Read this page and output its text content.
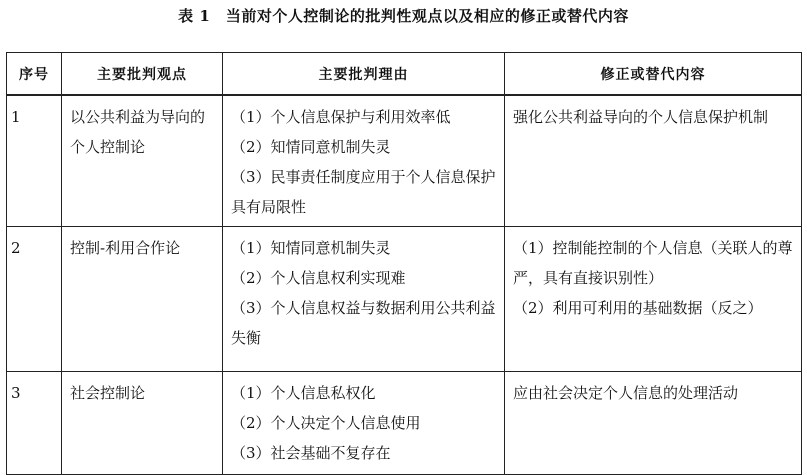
表 1　当前对个人控制论的批判性观点以及相应的修正或替代内容
序号	主要批判观点	主要批判理由	修正或替代内容
1	以公共利益为导向的个人控制论	（1）个人信息保护与利用效率低
（2）知情同意机制失灵
（3）民事责任制度应用于个人信息保护具有局限性	强化公共利益导向的个人信息保护机制

2	控制-利用合作论	（1）知情同意机制失灵
（2）个人信息权利实现难
（3）个人信息权益与数据利用公共利益失衡	（1）控制能控制的个人信息（关联人的尊严，具有直接识别性）
（2）利用可利用的基础数据（反之）

3	社会控制论	（1）个人信息私权化
（2）个人决定个人信息使用
（3）社会基础不复存在	应由社会决定个人信息的处理活动
